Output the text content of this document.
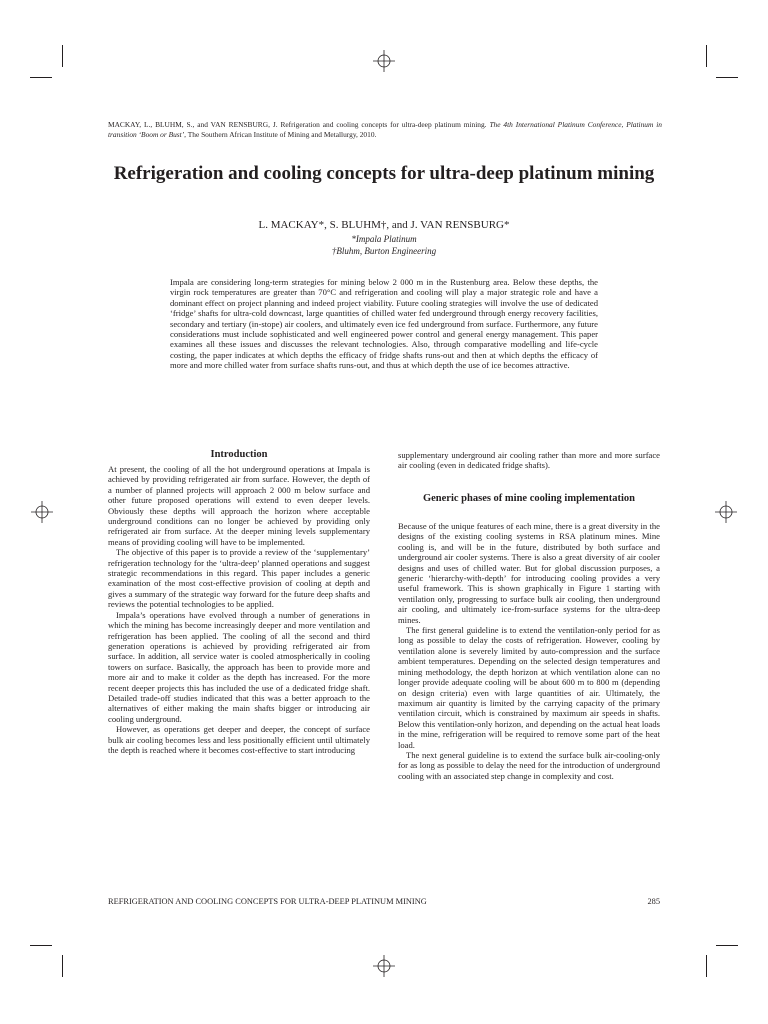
MACKAY, L., BLUHM, S., and VAN RENSBURG, J. Refrigeration and cooling concepts for ultra-deep platinum mining. The 4th International Platinum Conference, Platinum in transition ‘Boom or Bust’, The Southern African Institute of Mining and Metallurgy, 2010.
Refrigeration and cooling concepts for ultra-deep platinum mining
L. MACKAY*, S. BLUHM†, and J. VAN RENSBURG*
*Impala Platinum
†Bluhm, Burton Engineering
Impala are considering long-term strategies for mining below 2 000 m in the Rustenburg area. Below these depths, the virgin rock temperatures are greater than 70°C and refrigeration and cooling will play a major strategic role and have a dominant effect on project planning and indeed project viability. Future cooling strategies will involve the use of dedicated ‘fridge’ shafts for ultra-cold downcast, large quantities of chilled water fed underground through energy recovery facilities, secondary and tertiary (in-stope) air coolers, and ultimately even ice fed underground from surface. Furthermore, any future considerations must include sophisticated and well engineered power control and general energy management. This paper examines all these issues and discusses the relevant technologies. Also, through comparative modelling and life-cycle costing, the paper indicates at which depths the efficacy of fridge shafts runs-out and then at which depths the efficacy of more and more chilled water from surface shafts runs-out, and thus at which depth the use of ice becomes attractive.
Introduction

At present, the cooling of all the hot underground operations at Impala is achieved by providing refrigerated air from surface. However, the depth of a number of planned projects will approach 2 000 m below surface and other future proposed operations will extend to even deeper levels. Obviously these depths will approach the horizon where acceptable underground conditions can no longer be achieved by providing only refrigerated air from surface. At the deeper mining levels supplementary means of providing cooling will have to be implemented.

The objective of this paper is to provide a review of the ‘supplementary’ refrigeration technology for the ‘ultra-deep’ planned operations and suggest strategic recommendations in this regard. This paper includes a generic examination of the most cost-effective provision of cooling at depth and gives a summary of the strategic way forward for the future deep shafts and reviews the potential technologies to be applied.

Impala’s operations have evolved through a number of generations in which the mining has become increasingly deeper and more ventilation and refrigeration has been applied. The cooling of all the second and third generation operations is achieved by providing refrigerated air from surface. In addition, all service water is cooled atmospherically in cooling towers on surface. Basically, the approach has been to provide more and more air and to make it colder as the depth has increased. For the more recent deeper projects this has included the use of a dedicated fridge shaft. Detailed trade-off studies indicated that this was a better approach to the alternatives of either making the main shafts bigger or introducing air cooling underground.

However, as operations get deeper and deeper, the concept of surface bulk air cooling becomes less and less positionally efficient until ultimately the depth is reached where it becomes cost-effective to start introducing

supplementary underground air cooling rather than more and more surface air cooling (even in dedicated fridge shafts).

Generic phases of mine cooling implementation

Because of the unique features of each mine, there is a great diversity in the designs of the existing cooling systems in RSA platinum mines. Mine cooling is, and will be in the future, distributed by both surface and underground air cooler systems. There is also a great diversity of air cooler designs and uses of chilled water. But for global discussion purposes, a generic ‘hierarchy-with-depth’ for introducing cooling provides a very useful framework. This is shown graphically in Figure 1 starting with ventilation only, progressing to surface bulk air cooling, then underground air cooling, and ultimately ice-from-surface systems for the ultra-deep mines.

The first general guideline is to extend the ventilation-only period for as long as possible to delay the costs of refrigeration. However, cooling by ventilation alone is severely limited by auto-compression and the surface ambient temperatures. Depending on the selected design temperatures and mining methodology, the depth horizon at which ventilation alone can no longer provide adequate cooling will be about 600 m to 800 m (depending on design criteria) even with large quantities of air. Ultimately, the maximum air quantity is limited by the carrying capacity of the primary ventilation circuit, which is constrained by maximum air speeds in shafts. Below this ventilation-only horizon, and depending on the actual heat loads in the mine, refrigeration will be required to remove some part of the heat load.

The next general guideline is to extend the surface bulk air-cooling-only for as long as possible to delay the need for the introduction of underground cooling with an associated step change in complexity and cost.

REFRIGERATION AND COOLING CONCEPTS FOR ULTRA-DEEP PLATINUM MINING	285
